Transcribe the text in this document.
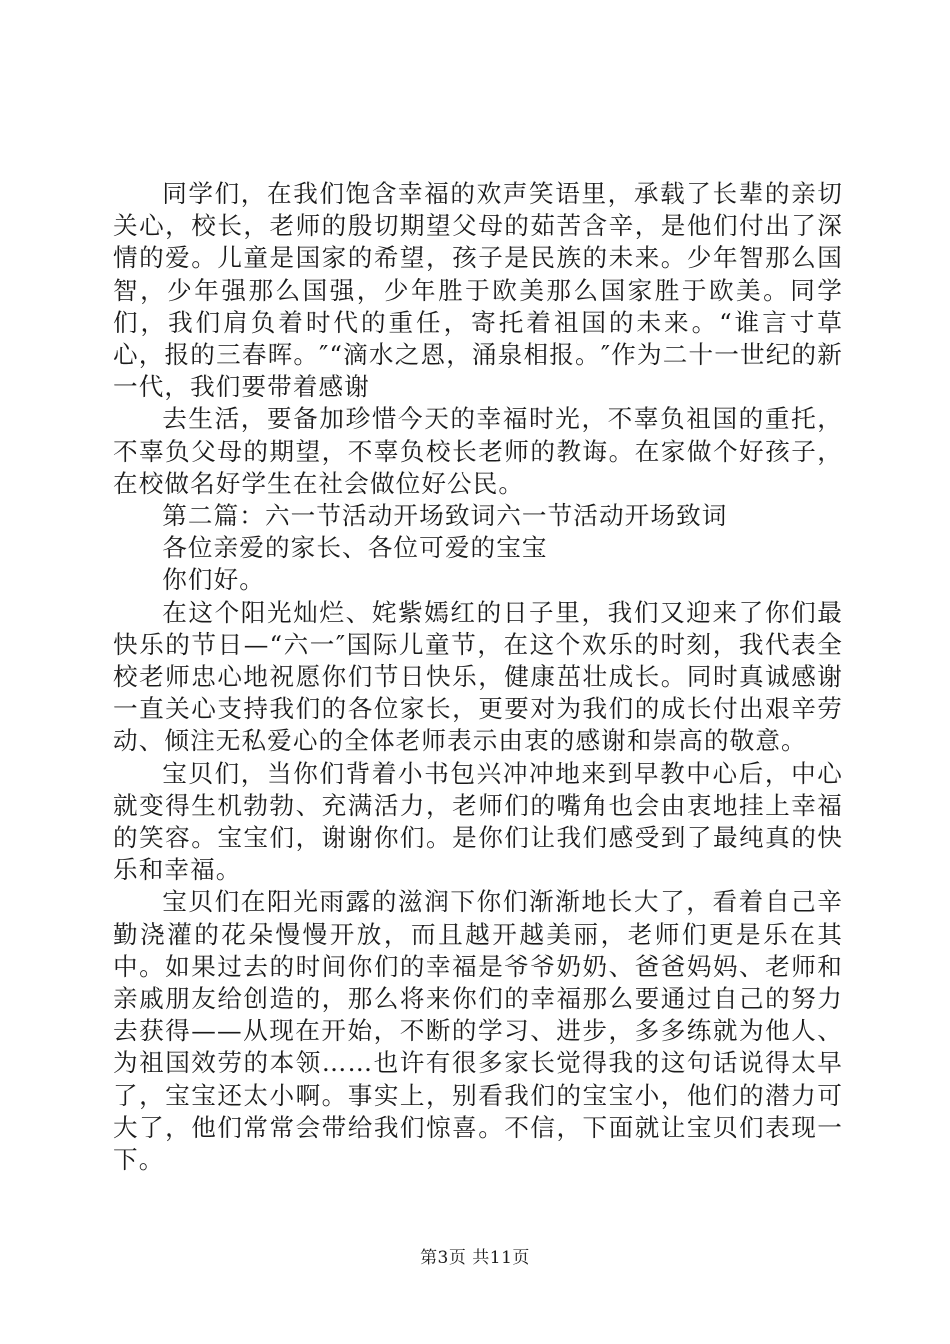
同学们，在我们饱含幸福的欢声笑语里，承载了长辈的亲切关心，校长，老师的殷切期望父母的茹苦含辛，是他们付出了深情的爱。儿童是国家的希望，孩子是民族的未来。少年智那么国智，少年强那么国强，少年胜于欧美那么国家胜于欧美。同学们，我们肩负着时代的重任，寄托着祖国的未来。“谁言寸草心，报的三春晖。″“滴水之恩，涌泉相报。″作为二十一世纪的新一代，我们要带着感谢

去生活，要备加珍惜今天的幸福时光，不辜负祖国的重托，不辜负父母的期望，不辜负校长老师的教诲。在家做个好孩子，在校做名好学生在社会做位好公民。

第二篇：六一节活动开场致词六一节活动开场致词

各位亲爱的家长、各位可爱的宝宝

你们好。

在这个阳光灿烂、姹紫嫣红的日子里，我们又迎来了你们最快乐的节日—“六一″国际儿童节，在这个欢乐的时刻，我代表全校老师忠心地祝愿你们节日快乐，健康茁壮成长。同时真诚感谢一直关心支持我们的各位家长，更要对为我们的成长付出艰辛劳动、倾注无私爱心的全体老师表示由衷的感谢和崇高的敬意。

宝贝们，当你们背着小书包兴冲冲地来到早教中心后，中心就变得生机勃勃、充满活力，老师们的嘴角也会由衷地挂上幸福的笑容。宝宝们，谢谢你们。是你们让我们感受到了最纯真的快乐和幸福。

宝贝们在阳光雨露的滋润下你们渐渐地长大了，看着自己辛勤浇灌的花朵慢慢开放，而且越开越美丽，老师们更是乐在其中。如果过去的时间你们的幸福是爷爷奶奶、爸爸妈妈、老师和亲戚朋友给创造的，那么将来你们的幸福那么要通过自己的努力去获得——从现在开始，不断的学习、进步，多多练就为他人、为祖国效劳的本领……也许有很多家长觉得我的这句话说得太早了，宝宝还太小啊。事实上，别看我们的宝宝小，他们的潜力可大了，他们常常会带给我们惊喜。不信，下面就让宝贝们表现一下。

第3页 共11页
